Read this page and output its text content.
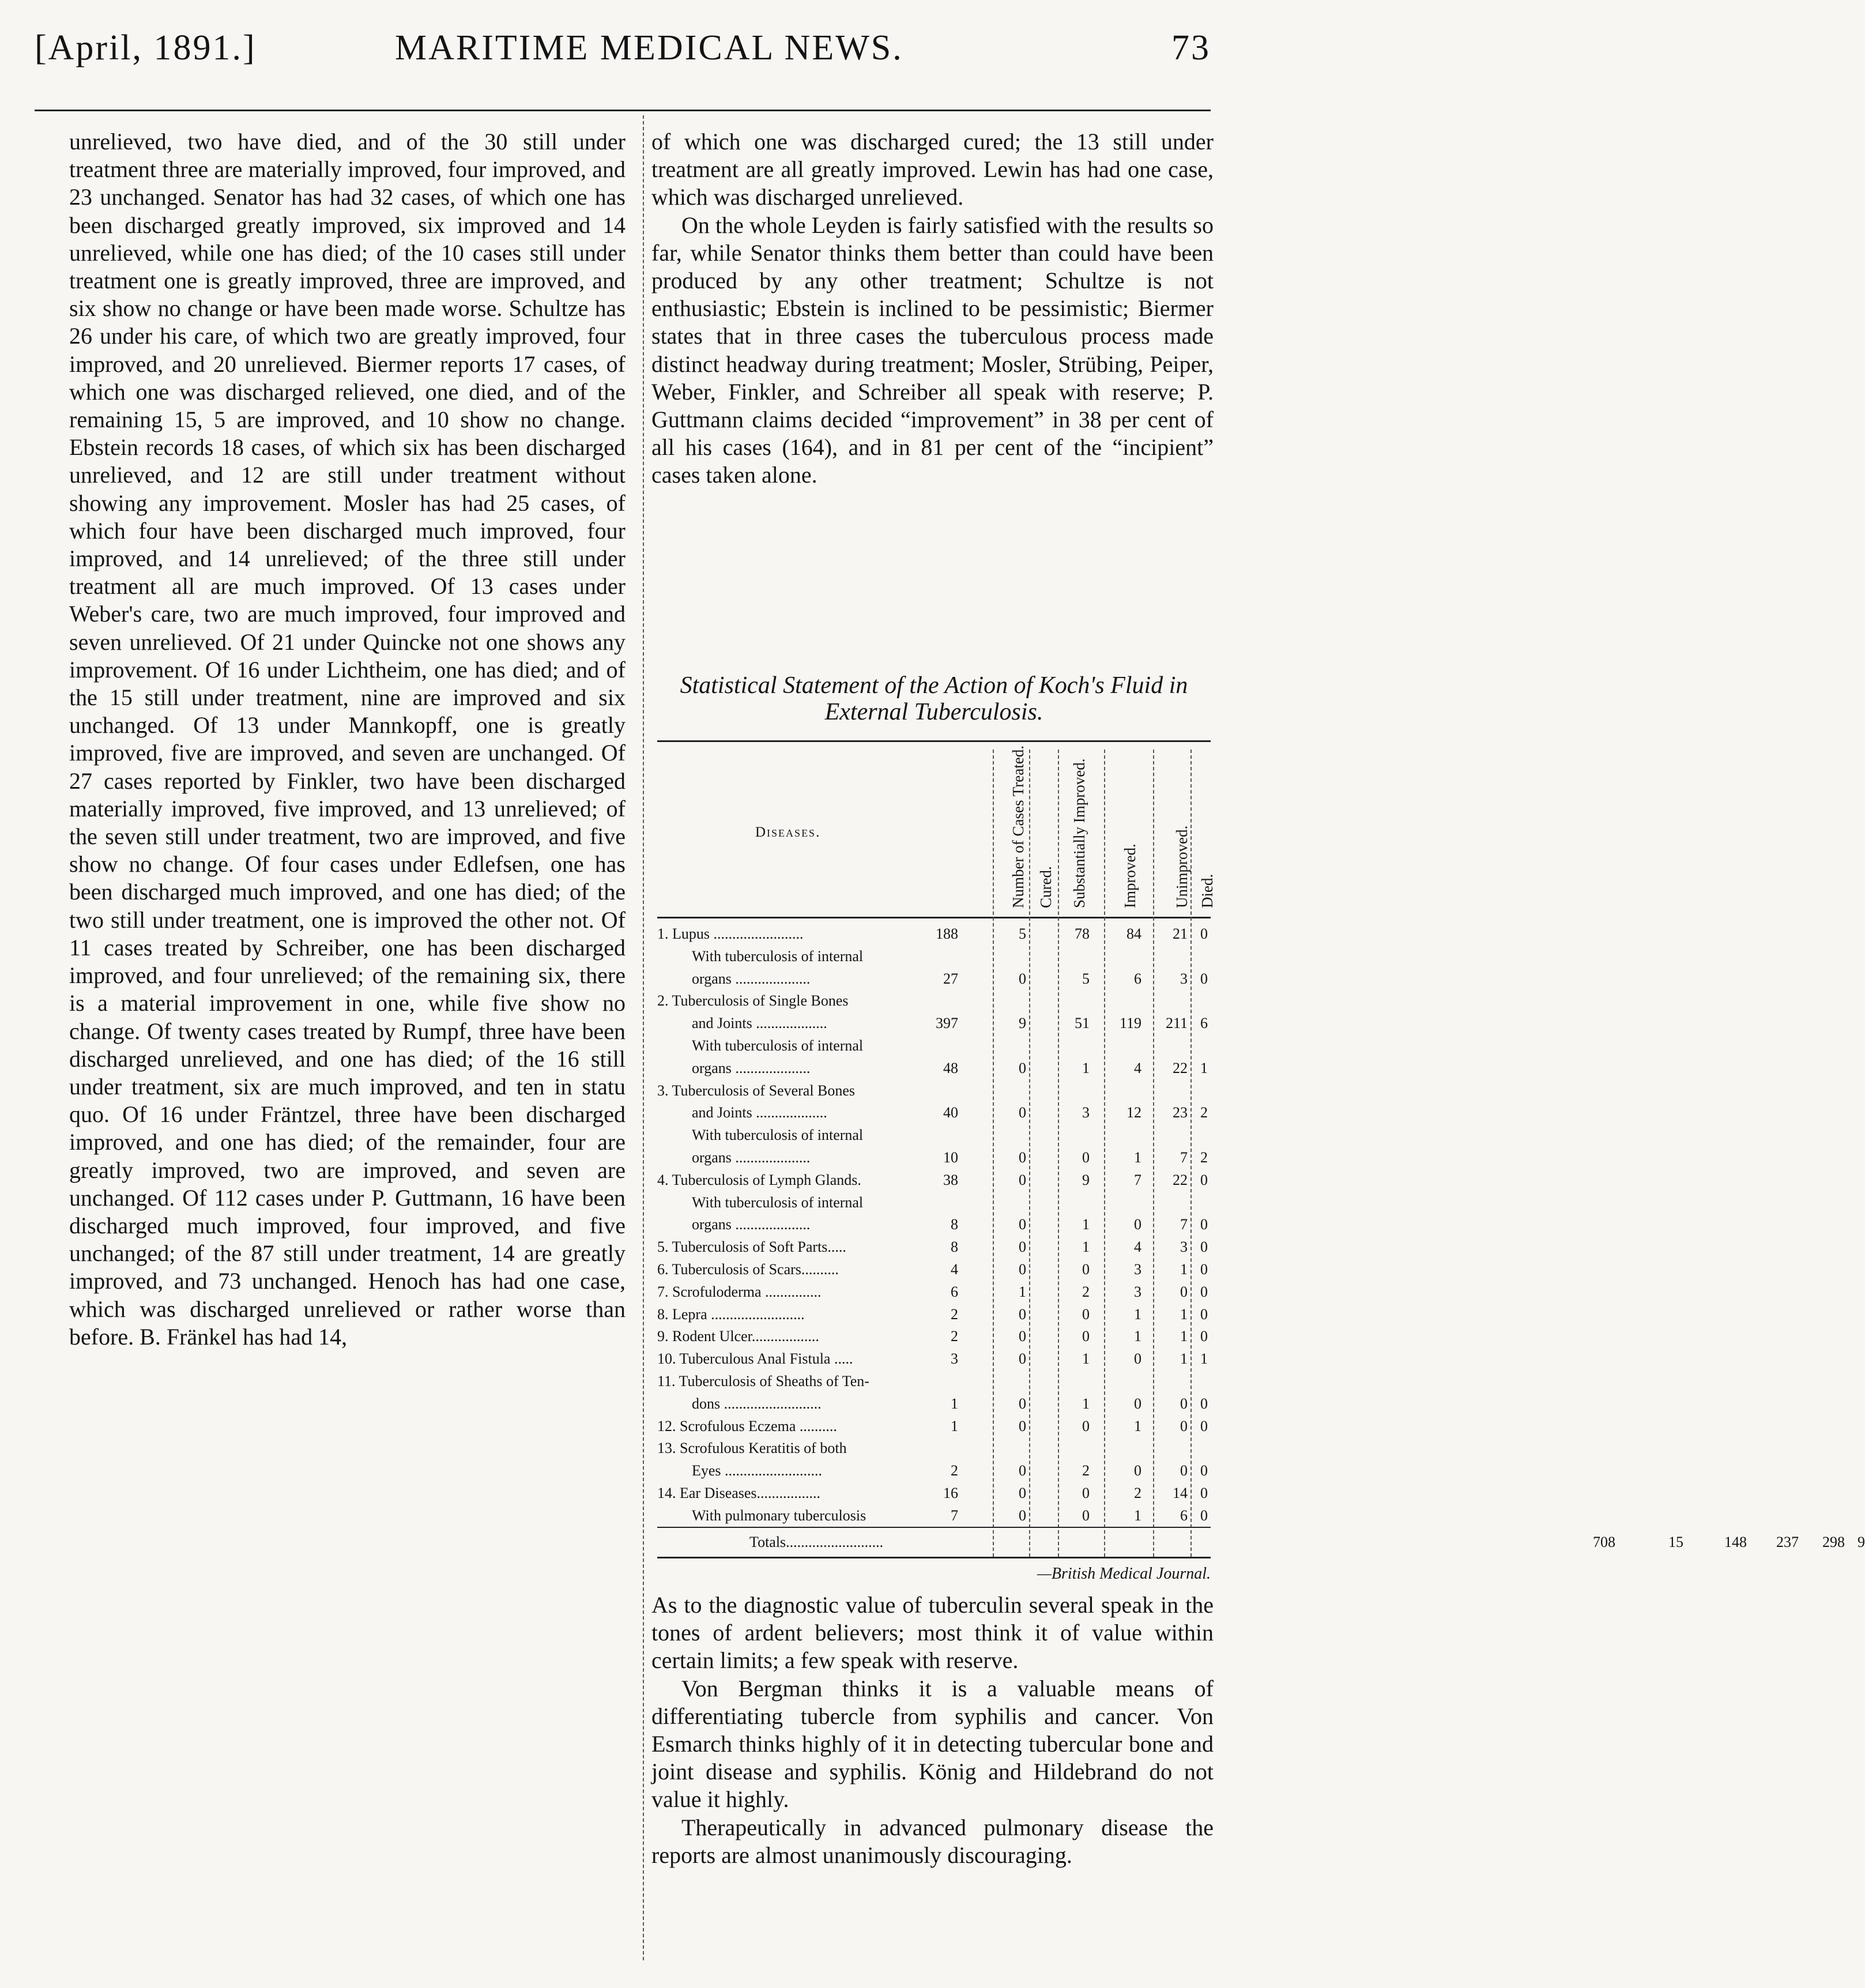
[April, 1891.]	MARITIME MEDICAL NEWS.	73

unrelieved, two have died, and of the 30 still under treatment three are materially improved, four improved, and 23 unchanged. Senator has had 32 cases, of which one has been discharged greatly improved, six improved and 14 unrelieved, while one has died; of the 10 cases still under treatment one is greatly improved, three are improved, and six show no change or have been made worse. Schultze has 26 under his care, of which two are greatly improved, four improved, and 20 unrelieved. Biermer reports 17 cases, of which one was discharged relieved, one died, and of the remaining 15, 5 are improved, and 10 show no change. Ebstein records 18 cases, of which six has been discharged unrelieved, and 12 are still under treatment without showing any improvement. Mosler has had 25 cases, of which four have been discharged much improved, four improved, and 14 unrelieved; of the three still under treatment all are much improved. Of 13 cases under Weber's care, two are much improved, four improved and seven unrelieved. Of 21 under Quincke not one shows any improvement. Of 16 under Lichtheim, one has died; and of the 15 still under treatment, nine are improved and six unchanged. Of 13 under Mannkopff, one is greatly improved, five are improved, and seven are unchanged. Of 27 cases reported by Finkler, two have been discharged materially improved, five improved, and 13 unrelieved; of the seven still under treatment, two are improved, and five show no change. Of four cases under Edlefsen, one has been discharged much improved, and one has died; of the two still under treatment, one is improved the other not. Of 11 cases treated by Schreiber, one has been discharged improved, and four unrelieved; of the remaining six, there is a material improvement in one, while five show no change. Of twenty cases treated by Rumpf, three have been discharged unrelieved, and one has died; of the 16 still under treatment, six are much improved, and ten in statu quo. Of 16 under Fräntzel, three have been discharged improved, and one has died; of the remainder, four are greatly improved, two are improved, and seven are unchanged. Of 112 cases under P. Guttmann, 16 have been discharged much improved, four improved, and five unchanged; of the 87 still under treatment, 14 are greatly improved, and 73 unchanged. Henoch has had one case, which was discharged unrelieved or rather worse than before. B. Fränkel has had 14,

of which one was discharged cured; the 13 still under treatment are all greatly improved. Lewin has had one case, which was discharged unrelieved.

On the whole Leyden is fairly satisfied with the results so far, while Senator thinks them better than could have been produced by any other treatment; Schultze is not enthusiastic; Ebstein is inclined to be pessimistic; Biermer states that in three cases the tuberculous process made distinct headway during treatment; Mosler, Strübing, Peiper, Weber, Finkler, and Schreiber all speak with reserve; P. Guttmann claims decided “improvement” in 38 per cent of all his cases (164), and in 81 per cent of the “incipient” cases taken alone.

Statistical Statement of the Action of Koch's Fluid in External Tuberculosis.
Diseases.	Number of Cases Treated. Cured. Substantially Improved. Improved. Unimproved. Died.
1. Lupus ........................	188	5	78	84	21 0
With tuberculosis of internal
organs ....................	27	0	5	6	3 0
2. Tuberculosis of Single Bones
and Joints ...................	397	9	51	119	211 6
With tuberculosis of internal
organs ....................	48	0	1	4	22 1
3. Tuberculosis of Several Bones
and Joints ...................	40	0	3	12	23 2
With tuberculosis of internal
organs ....................	10	0	0	1	7 2
4. Tuberculosis of Lymph Glands.	38	0	9	7	22 0
With tuberculosis of internal
organs ....................	8	0	1	0	7 0
5. Tuberculosis of Soft Parts.....	8	0	1	4	3 0
6. Tuberculosis of Scars..........	4	0	0	3	1 0
7. Scrofuloderma ...............	6	1	2	3	0 0
8. Lepra .........................	2	0	0	1	1 0
9. Rodent Ulcer..................	2	0	0	1	1 0
10. Tuberculous Anal Fistula .....	3	0	1	0	1 1
11. Tuberculosis of Sheaths of Ten-
dons ..........................	1	0	1	0	0 0
12. Scrofulous Eczema ..........	1	0	0	1	0 0
13. Scrofulous Keratitis of both
Eyes ..........................	2	0	2	0	0 0
14. Ear Diseases.................	16	0	0	2	14 0
With pulmonary tuberculosis	7	0	0	1	6 0
Totals..........................	708	15	148	237	298 9
—British Medical Journal.

As to the diagnostic value of tuberculin several speak in the tones of ardent believers; most think it of value within certain limits; a few speak with reserve.

Von Bergman thinks it is a valuable means of differentiating tubercle from syphilis and cancer. Von Esmarch thinks highly of it in detecting tubercular bone and joint disease and syphilis. König and Hildebrand do not value it highly.

Therapeutically in advanced pulmonary disease the reports are almost unanimously discouraging.
